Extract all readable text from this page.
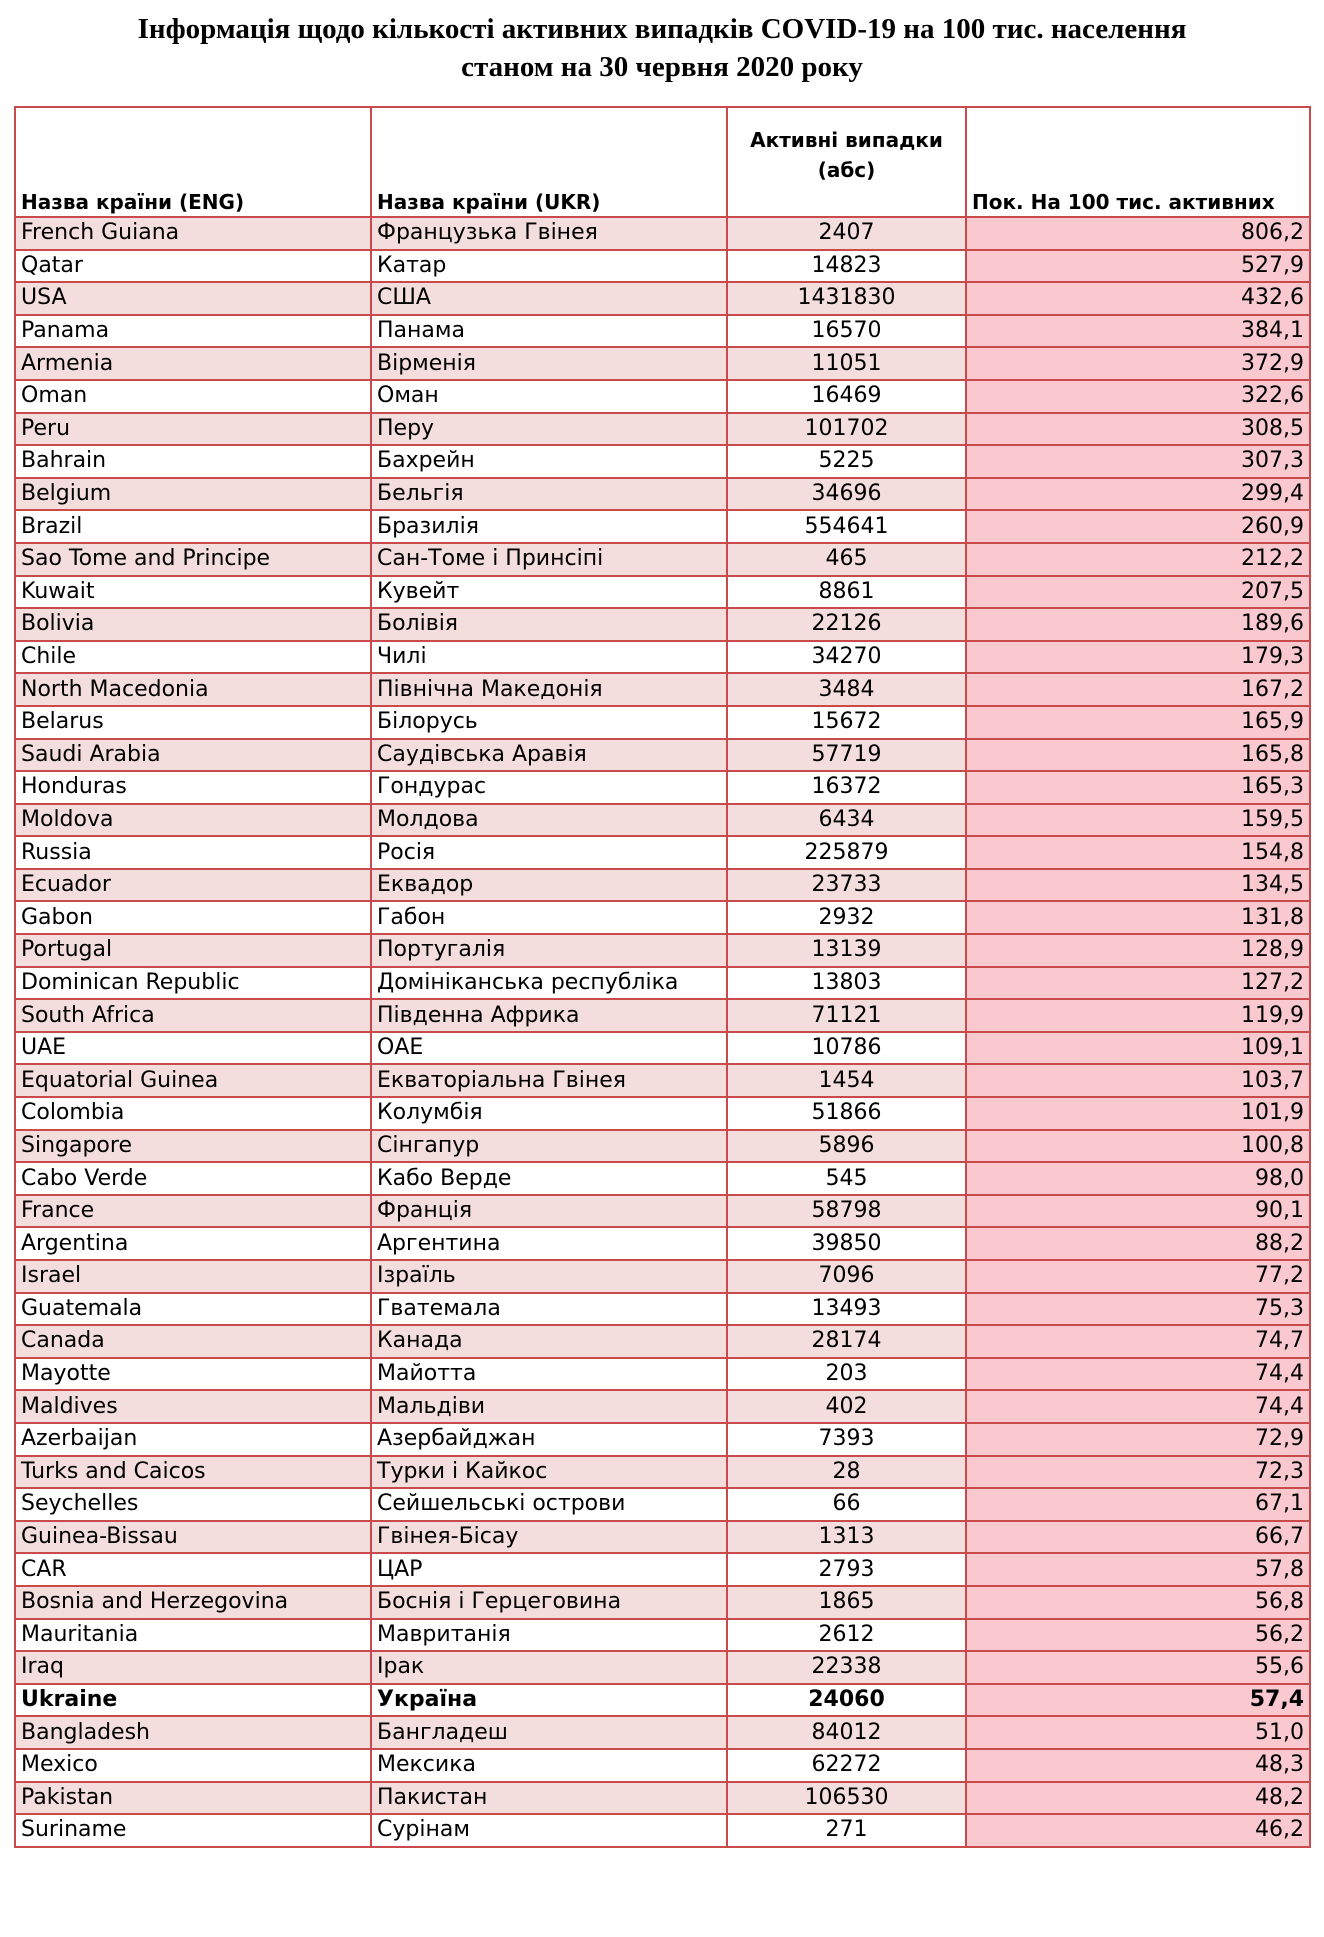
Інформація щодо кількості активних випадків COVID-19 на 100 тис. населення
станом на 30 червня 2020 року
Назва країни (ENG)	Назва країни (UKR)	Активні випадки
(абс)	Пок. На 100 тис. активних
French Guiana	Французька Гвінея	2407	806,2
Qatar	Катар	14823	527,9
USA	США	1431830	432,6
Panama	Панама	16570	384,1
Armenia	Вірменія	11051	372,9
Oman	Оман	16469	322,6
Peru	Перу	101702	308,5
Bahrain	Бахрейн	5225	307,3
Belgium	Бельгія	34696	299,4
Brazil	Бразилія	554641	260,9
Sao Tome and Principe	Сан-Томе і Принсіпі	465	212,2
Kuwait	Кувейт	8861	207,5
Bolivia	Болівія	22126	189,6
Chile	Чилі	34270	179,3
North Macedonia	Північна Македонія	3484	167,2
Belarus	Білорусь	15672	165,9
Saudi Arabia	Саудівська Аравія	57719	165,8
Honduras	Гондурас	16372	165,3
Moldova	Молдова	6434	159,5
Russia	Росія	225879	154,8
Ecuador	Еквадор	23733	134,5
Gabon	Габон	2932	131,8
Portugal	Португалія	13139	128,9
Dominican Republic	Домініканська республіка	13803	127,2
South Africa	Південна Африка	71121	119,9
UAE	ОАЕ	10786	109,1
Equatorial Guinea	Екваторіальна Гвінея	1454	103,7
Colombia	Колумбія	51866	101,9
Singapore	Сінгапур	5896	100,8
Cabo Verde	Кабо Верде	545	98,0
France	Франція	58798	90,1
Argentina	Аргентина	39850	88,2
Israel	Ізраїль	7096	77,2
Guatemala	Гватемала	13493	75,3
Canada	Канада	28174	74,7
Mayotte	Майотта	203	74,4
Maldives	Мальдіви	402	74,4
Azerbaijan	Азербайджан	7393	72,9
Turks and Caicos	Турки і Кайкос	28	72,3
Seychelles	Сейшельські острови	66	67,1
Guinea-Bissau	Гвінея-Бісау	1313	66,7
CAR	ЦАР	2793	57,8
Bosnia and Herzegovina	Боснія і Герцеговина	1865	56,8
Mauritania	Мавританія	2612	56,2
Iraq	Ірак	22338	55,6
Ukraine	Україна	24060	57,4
Bangladesh	Бангладеш	84012	51,0
Mexico	Мексика	62272	48,3
Pakistan	Пакистан	106530	48,2
Suriname	Сурінам	271	46,2
